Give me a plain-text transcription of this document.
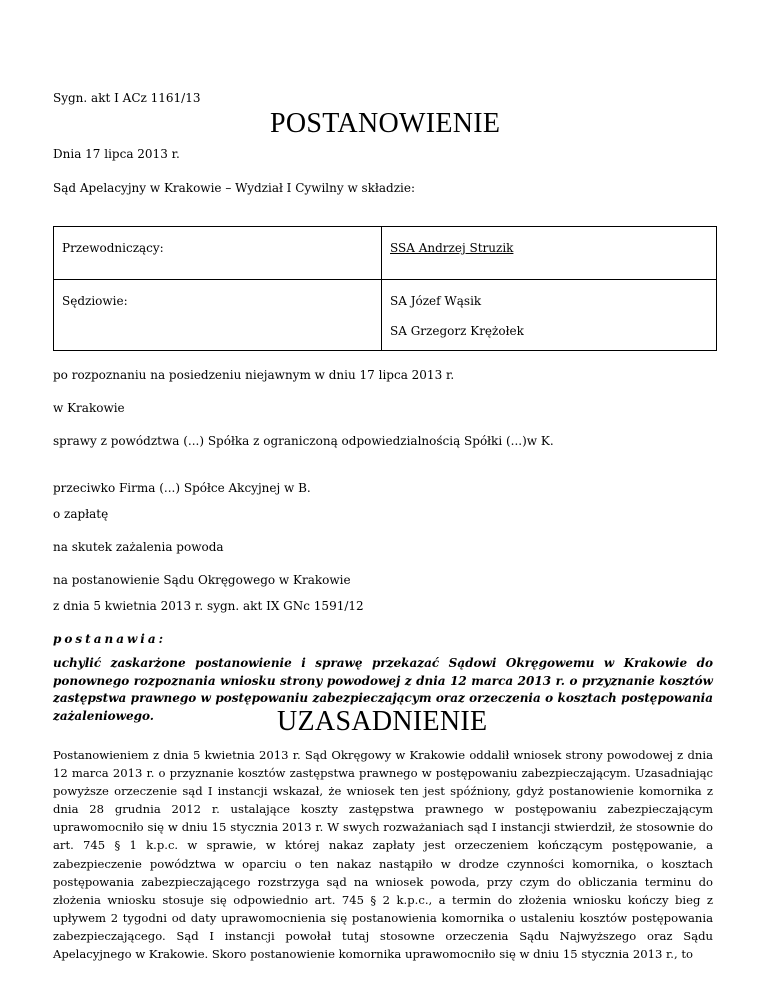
Sygn. akt I ACz 1161/13
POSTANOWIENIE
Dnia 17 lipca 2013 r.
Sąd Apelacyjny w Krakowie – Wydział I Cywilny w składzie:
Przewodniczący:	SSA Andrzej Struzik

Sędziowie:	SA Józef Wąsik
SA Grzegorz Krężołek
po rozpoznaniu na posiedzeniu niejawnym w dniu 17 lipca 2013 r.
w Krakowie
sprawy z powództwa (...) Spółka z ograniczoną odpowiedzialnością Spółki (...)w K.
przeciwko Firma (...) Spółce Akcyjnej w B.
o zapłatę
na skutek zażalenia powoda
na postanowienie Sądu Okręgowego w Krakowie
z dnia 5 kwietnia 2013 r. sygn. akt IX GNc 1591/12
postanawia:
uchylić zaskarżone postanowienie i sprawę przekazać Sądowi Okręgowemu w Krakowie do ponownego rozpoznania wniosku strony powodowej z dnia 12 marca 2013 r. o przyznanie kosztów zastępstwa prawnego w postępowaniu zabezpieczającym oraz orzeczenia o kosztach postępowania zażaleniowego.	UZASADNIENIE
Postanowieniem z dnia 5 kwietnia 2013 r. Sąd Okręgowy w Krakowie oddalił wniosek strony powodowej z dnia 12 marca 2013 r. o przyznanie kosztów zastępstwa prawnego w postępowaniu zabezpieczającym. Uzasadniając powyższe orzeczenie sąd I instancji wskazał, że wniosek ten jest spóźniony, gdyż postanowienie komornika z dnia 28 grudnia 2012 r. ustalające koszty zastępstwa prawnego w postępowaniu zabezpieczającym uprawomocniło się w dniu 15 stycznia 2013 r. W swych rozważaniach sąd I instancji stwierdził, że stosownie do art. 745 § 1 k.p.c. w sprawie, w której nakaz zapłaty jest orzeczeniem kończącym postępowanie, a zabezpieczenie powództwa w oparciu o ten nakaz nastąpiło w drodze czynności komornika, o kosztach postępowania zabezpieczającego rozstrzyga sąd na wniosek powoda, przy czym do obliczania terminu do złożenia wniosku stosuje się odpowiednio art. 745 § 2 k.p.c., a termin do złożenia wniosku kończy bieg z upływem 2 tygodni od daty uprawomocnienia się postanowienia komornika o ustaleniu kosztów postępowania zabezpieczającego. Sąd I instancji powołał tutaj stosowne orzeczenia Sądu Najwyższego oraz Sądu Apelacyjnego w Krakowie. Skoro postanowienie komornika uprawomocniło się w dniu 15 stycznia 2013 r., to
